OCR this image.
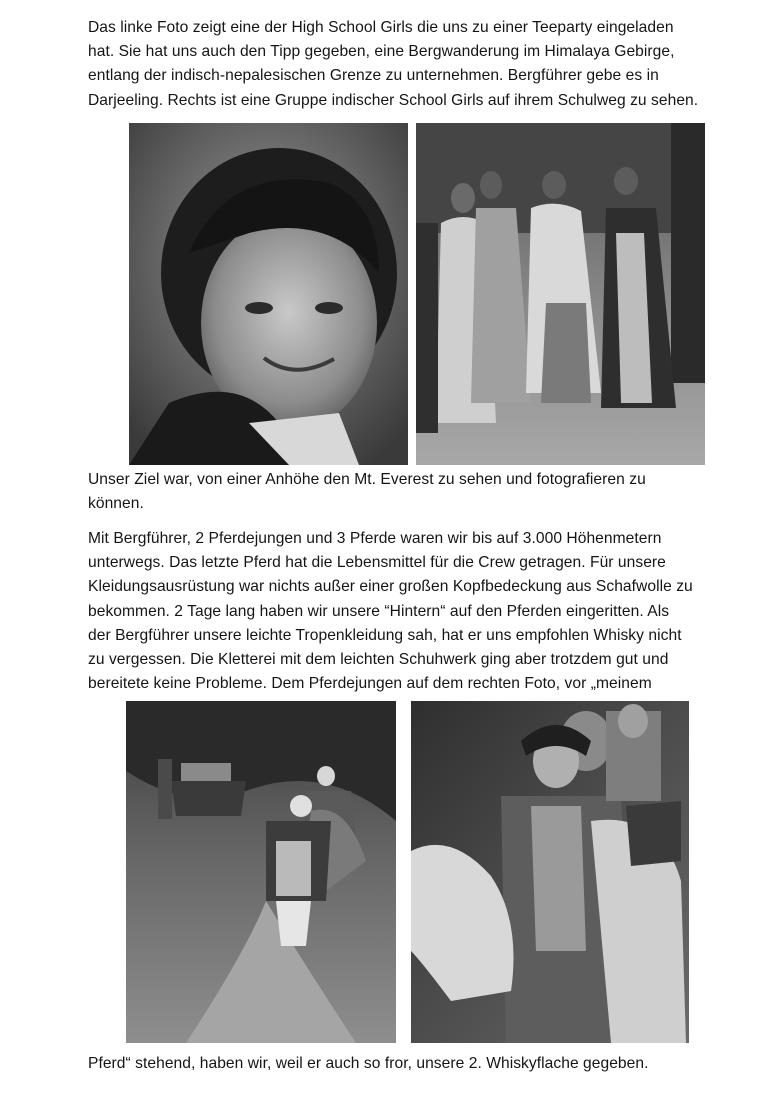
Das linke Foto zeigt eine der High School Girls die uns zu einer Teeparty eingeladen
hat. Sie hat uns auch den Tipp gegeben, eine Bergwanderung im Himalaya Gebirge,
entlang der indisch-nepalesischen Grenze zu unternehmen. Bergführer gebe es in
Darjeeling. Rechts ist eine Gruppe indischer School Girls auf ihrem Schulweg zu sehen.
Unser Ziel war, von einer Anhöhe den Mt. Everest zu sehen und fotografieren zu
können.
Mit Bergführer, 2 Pferdejungen und 3 Pferde waren wir bis auf 3.000 Höhenmetern
unterwegs. Das letzte Pferd hat die Lebensmittel für die Crew getragen. Für unsere
Kleidungsausrüstung war nichts außer einer großen Kopfbedeckung aus Schafwolle zu
bekommen. 2 Tage lang haben wir unsere “Hintern“ auf den Pferden eingeritten. Als
der Bergführer unsere leichte Tropenkleidung sah, hat er uns empfohlen Whisky nicht
zu vergessen. Die Kletterei mit dem leichten Schuhwerk ging aber trotzdem gut und
bereitete keine Probleme. Dem Pferdejungen auf dem rechten Foto, vor „meinem
Pferd“ stehend, haben wir, weil er auch so fror, unsere 2. Whiskyflache gegeben.
